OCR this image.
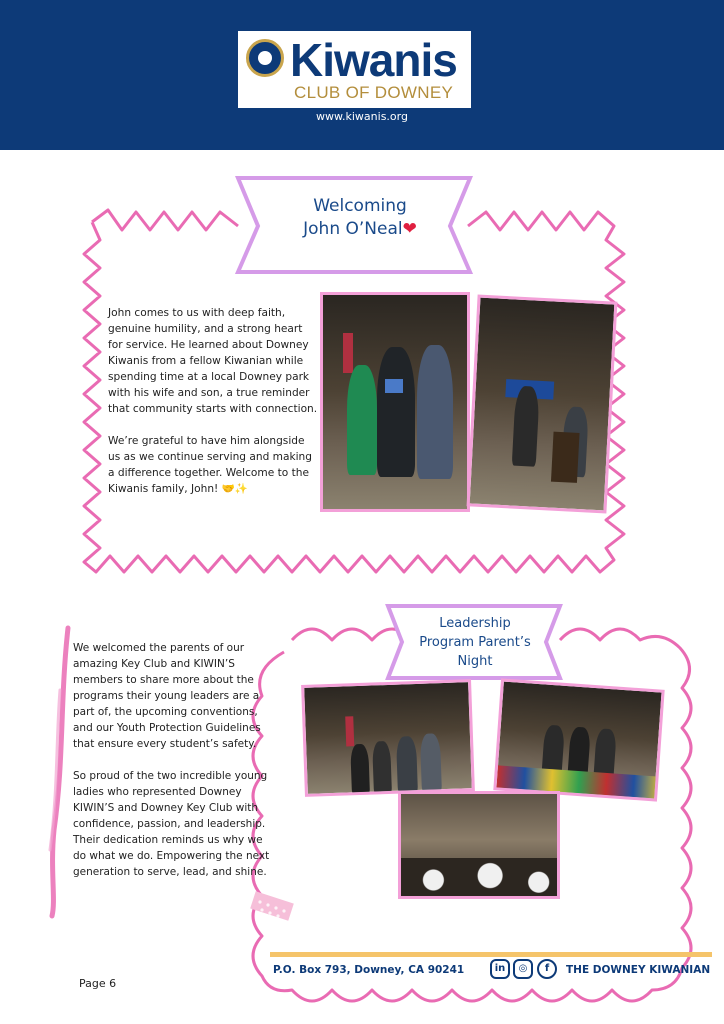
Kiwanis
CLUB OF DOWNEY
www.kiwanis.org
Welcoming
John O’Neal❤

John comes to us with deep faith, genuine humility, and a strong heart for service. He learned about Downey Kiwanis from a fellow Kiwanian while spending time at a local Downey park with his wife and son, a true reminder that community starts with connection.

We’re grateful to have him alongside us as we continue serving and making a difference together. Welcome to the Kiwanis family, John! 🤝✨

Leadership
Program Parent’s
Night

We welcomed the parents of our amazing Key Club and KIWIN’S members to share more about the programs their young leaders are a part of, the upcoming conventions, and our Youth Protection Guidelines that ensure every student’s safety.

So proud of the two incredible young ladies who represented Downey KIWIN’S and Downey Key Club with confidence, passion, and leadership. Their dedication reminds us why we do what we do. Empowering the next generation to serve, lead, and shine.

P.O. Box 793, Downey, CA 90241	in	◎	f	THE DOWNEY KIWANIAN
Page 6
